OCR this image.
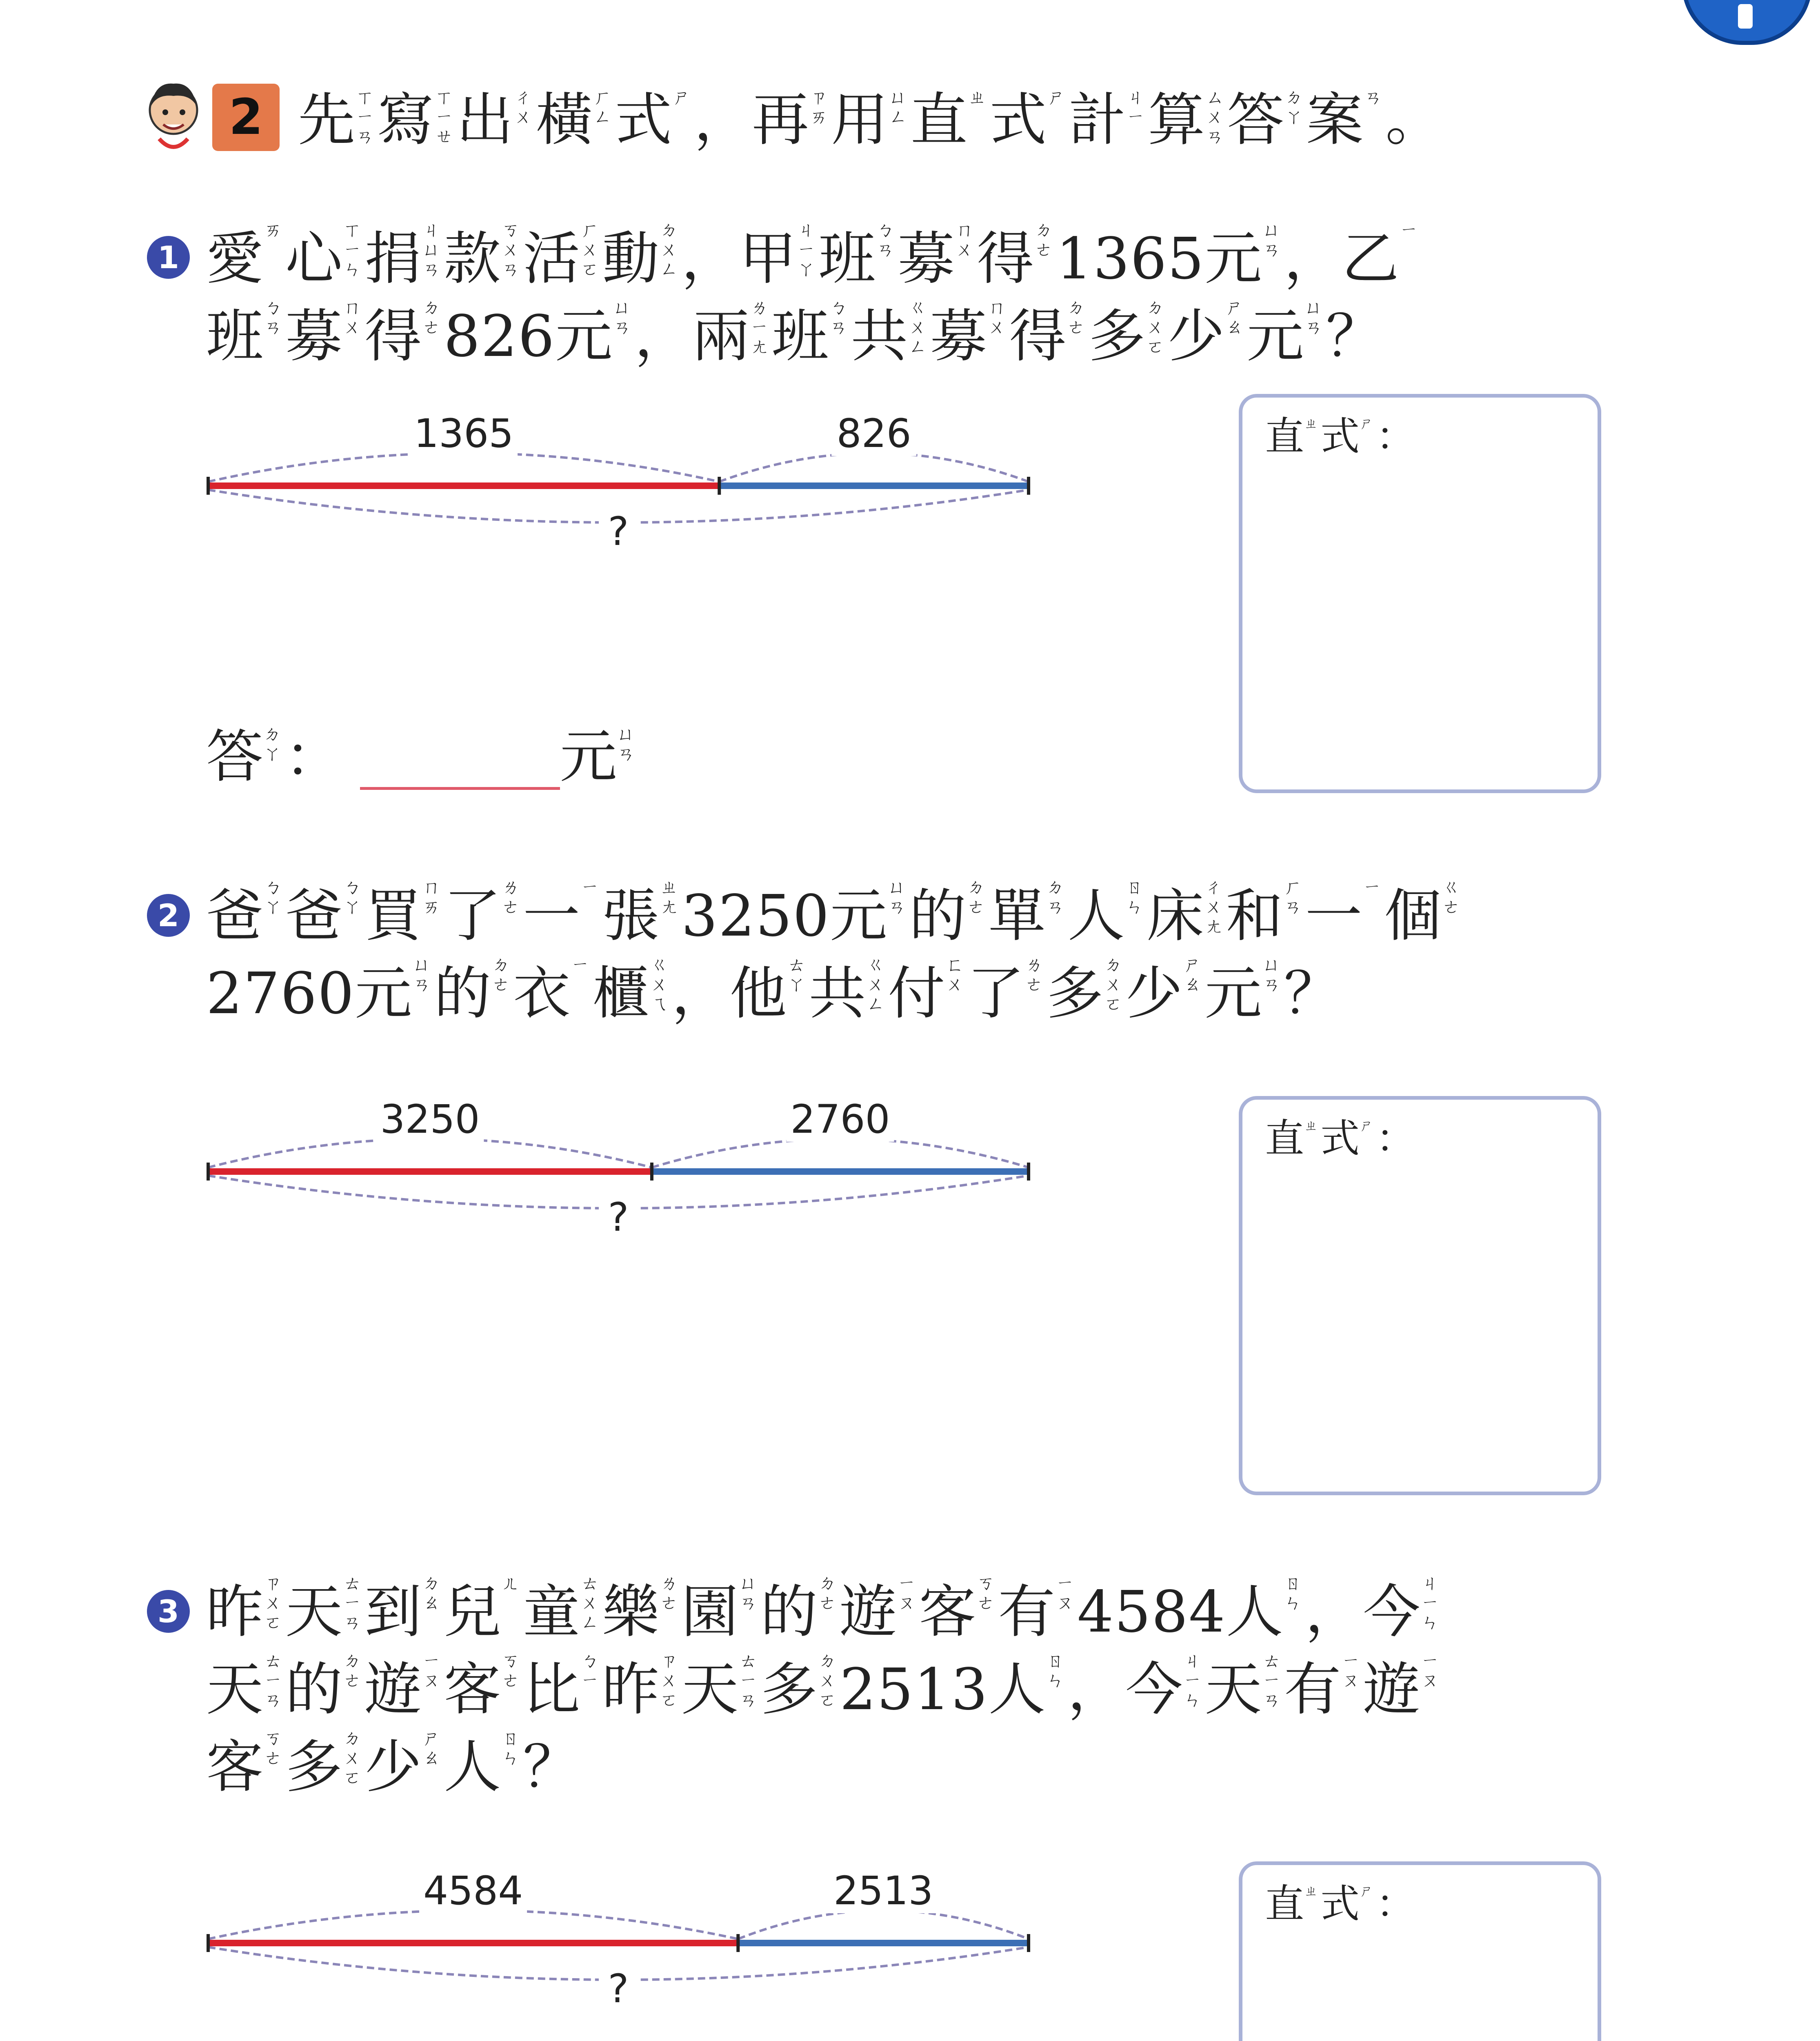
2 先ㄒ
ㄧ
ㄢ寫ㄒ
ㄧ
ㄝ出ㄔ
ㄨ橫ㄏ
ㄥ式ㄕ，再ㄗ
ㄞ用ㄩ
ㄥ直ㄓ式ㄕ計ㄐ
ㄧ算ㄙ
ㄨ
ㄢ答ㄉ
ㄚ案ㄢ。
1 愛ㄞ心ㄒ
ㄧ
ㄣ捐ㄐ
ㄩ
ㄢ款ㄎ
ㄨ
ㄢ活ㄏ
ㄨ
ㄛ動ㄉ
ㄨ
ㄥ，甲ㄐ
ㄧ
ㄚ班ㄅ
ㄢ募ㄇ
ㄨ得ㄉ
ㄜ1365元ㄩ
ㄢ，乙ㄧ
班ㄅ
ㄢ募ㄇ
ㄨ得ㄉ
ㄜ826元ㄩ
ㄢ，兩ㄌ
ㄧ
ㄤ班ㄅ
ㄢ共ㄍ
ㄨ
ㄥ募ㄇ
ㄨ得ㄉ
ㄜ多ㄉ
ㄨ
ㄛ少ㄕ
ㄠ元ㄩ
ㄢ？
1365	826
?
答ㄉ
ㄚ：	元ㄩ
ㄢ
直ㄓ式ㄕ：
2 爸ㄅ
ㄚ爸ㄅ
ㄚ買ㄇ
ㄞ了ㄌ
ㄜ一ㄧ張ㄓ
ㄤ3250元ㄩ
ㄢ的ㄉ
ㄜ單ㄉ
ㄢ人ㄖ
ㄣ床ㄔ
ㄨ
ㄤ和ㄏ
ㄢ一ㄧ個ㄍ
ㄜ
2760元ㄩ
ㄢ的ㄉ
ㄜ衣ㄧ櫃ㄍ
ㄨ
ㄟ，他ㄊ
ㄚ共ㄍ
ㄨ
ㄥ付ㄈ
ㄨ了ㄌ
ㄜ多ㄉ
ㄨ
ㄛ少ㄕ
ㄠ元ㄩ
ㄢ？
3250	2760
?
直ㄓ式ㄕ：
3 昨ㄗ
ㄨ
ㄛ天ㄊ
ㄧ
ㄢ到ㄉ
ㄠ兒ㄦ童ㄊ
ㄨ
ㄥ樂ㄌ
ㄜ園ㄩ
ㄢ的ㄉ
ㄜ遊ㄧ
ㄡ客ㄎ
ㄜ有ㄧ
ㄡ4584人ㄖ
ㄣ，今ㄐ
ㄧ
ㄣ
天ㄊ
ㄧ
ㄢ的ㄉ
ㄜ遊ㄧ
ㄡ客ㄎ
ㄜ比ㄅ
ㄧ昨ㄗ
ㄨ
ㄛ天ㄊ
ㄧ
ㄢ多ㄉ
ㄨ
ㄛ2513人ㄖ
ㄣ，今ㄐ
ㄧ
ㄣ天ㄊ
ㄧ
ㄢ有ㄧ
ㄡ遊ㄧ
ㄡ
客ㄎ
ㄜ多ㄉ
ㄨ
ㄛ少ㄕ
ㄠ人ㄖ
ㄣ？
4584	2513
?
直ㄓ式ㄕ：
